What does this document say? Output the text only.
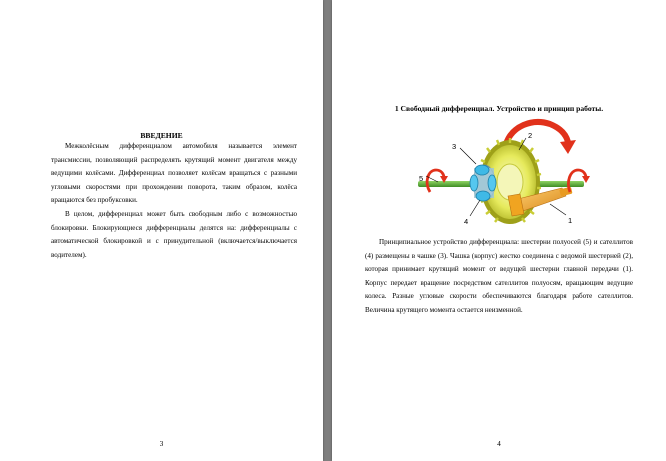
ВВЕДЕНИЕ

Межколёсным дифференциалом автомобиля называется элемент трансмиссии, позволяющий распределять крутящий момент двигателя между ведущими колёсами. Дифференциал позволяет колёсам вращаться с разными угловыми скоростями при прохождении поворота, таким образом, колёса вращаются без пробуксовки.

В целом, дифференциал может быть свободным либо с возможностью блокировки. Блокирующиеся дифференциалы делятся на: дифференциалы с автоматической блокировкой и с принудительной (включается/выключается водителем).

3
1 Свободный дифференциал. Устройство и принцип работы.
2
3
4
5
1

Принципиальное устройство дифференциала: шестерни полуосей (5) и сателлитов (4) размещены в чашке (3). Чашка (корпус) жестко соединена с ведомой шестерней (2), которая принимает крутящий момент от ведущей шестерни главной передачи (1). Корпус передает вращение посредством сателлитов полуосям, вращающим ведущие колеса. Разные угловые скорости обеспечиваются благодаря работе сателлитов. Величина крутящего момента остается неизменной.

4
